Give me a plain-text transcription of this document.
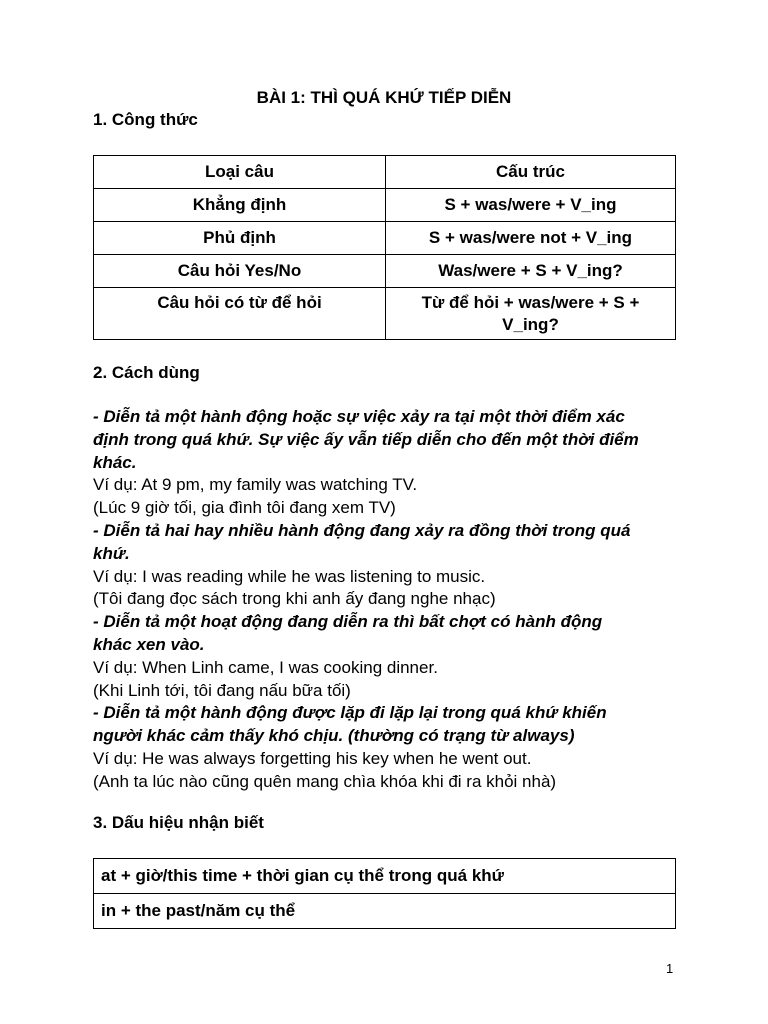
BÀI 1: THÌ QUÁ KHỨ TIẾP DIỄN
1. Công thức
Loại câu	Cấu trúc
Khẳng định	S + was/were + V_ing
Phủ định	S + was/were not + V_ing
Câu hỏi Yes/No	Was/were + S + V_ing?
Câu hỏi có từ để hỏi	Từ để hỏi + was/were + S + V_ing?
2. Cách dùng

- Diễn tả một hành động hoặc sự việc xảy ra tại một thời điểm xác

định trong quá khứ. Sự việc ấy vẫn tiếp diễn cho đến một thời điểm

khác.

Ví dụ: At 9 pm, my family was watching TV.

(Lúc 9 giờ tối, gia đình tôi đang xem TV)

- Diễn tả hai hay nhiều hành động đang xảy ra đồng thời trong quá

khứ.

Ví dụ: I was reading while he was listening to music.

(Tôi đang đọc sách trong khi anh ấy đang nghe nhạc)

- Diễn tả một hoạt động đang diễn ra thì bất chợt có hành động

khác xen vào.

Ví dụ: When Linh came, I was cooking dinner.

(Khi Linh tới, tôi đang nấu bữa tối)

- Diễn tả một hành động được lặp đi lặp lại trong quá khứ khiến

người khác cảm thấy khó chịu. (thường có trạng từ always)

Ví dụ: He was always forgetting his key when he went out.

(Anh ta lúc nào cũng quên mang chìa khóa khi đi ra khỏi nhà)

3. Dấu hiệu nhận biết
at + giờ/this time + thời gian cụ thể trong quá khứ
in + the past/năm cụ thể
1
